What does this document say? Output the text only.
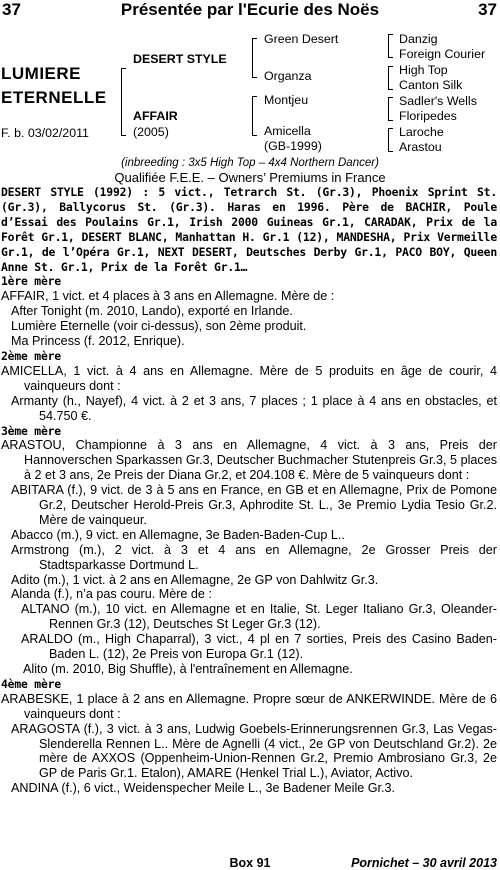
37	Présentée par l'Ecurie des Noës	37
LUMIERE
ETERNELLE
F. b. 03/02/2011
DESERT STYLE
AFFAIR
(2005)
Green Desert
Organza
Montjeu
Amicella
(GB-1999)
Danzig
Foreign Courier
High Top
Canton Silk
Sadler's Wells
Floripedes
Laroche
Arastou
(inbreeding : 3x5 High Top – 4x4 Northern Dancer)
Qualifiée F.E.E. – Owners’ Premiums in France

DESERT STYLE (1992) : 5 vict., Tetrarch St. (Gr.3), Phoenix Sprint St. (Gr.3), Ballycorus St. (Gr.3). Haras en 1996. Père de BACHIR, Poule d’Essai des Poulains Gr.1, Irish 2000 Guineas Gr.1, CARADAK, Prix de la Forêt Gr.1, DESERT BLANC, Manhattan H. Gr.1 (12), MANDESHA, Prix Vermeille Gr.1, de l’Opéra Gr.1, NEXT DESERT, Deutsches Derby Gr.1, PACO BOY, Queen Anne St. Gr.1, Prix de la Forêt Gr.1…

1ère mère

AFFAIR, 1 vict. et 4 places à 3 ans en Allemagne. Mère de :

After Tonight (m. 2010, Lando), exporté en Irlande.

Lumière Eternelle (voir ci-dessus), son 2ème produit.

Ma Princess (f. 2012, Enrique).

2ème mère

AMICELLA, 1 vict. à 4 ans en Allemagne. Mère de 5 produits en âge de courir, 4 vainqueurs dont :

Armanty (h., Nayef), 4 vict. à 2 et 3 ans, 7 places ; 1 place à 4 ans en obstacles, et 54.750 €.

3ème mère

ARASTOU, Championne à 3 ans en Allemagne, 4 vict. à 3 ans, Preis der Hannoverschen Sparkassen Gr.3, Deutscher Buchmacher Stutenpreis Gr.3, 5 places à 2 et 3 ans, 2e Preis der Diana Gr.2, et 204.108 €. Mère de 5 vainqueurs dont :

ABITARA (f.), 9 vict. de 3 à 5 ans en France, en GB et en Allemagne, Prix de Pomone Gr.2, Deutscher Herold-Preis Gr.3, Aphrodite St. L., 3e Premio Lydia Tesio Gr.2. Mère de vainqueur.

Abacco (m.), 9 vict. en Allemagne, 3e Baden-Baden-Cup L..

Armstrong (m.), 2 vict. à 3 et 4 ans en Allemagne, 2e Grosser Preis der Stadtsparkasse Dortmund L.

Adito (m.), 1 vict. à 2 ans en Allemagne, 2e GP von Dahlwitz Gr.3.

Alanda (f.), n’a pas couru. Mère de :

ALTANO (m.), 10 vict. en Allemagne et en Italie, St. Leger Italiano Gr.3, Oleander-Rennen Gr.3 (12), Deutsches St Leger Gr.3 (12).

ARALDO (m., High Chaparral), 3 vict., 4 pl en 7 sorties, Preis des Casino Baden-Baden L. (12), 2e Preis von Europa Gr.1 (12).

Alito (m. 2010, Big Shuffle), à l'entraînement en Allemagne.

4ème mère

ARABESKE, 1 place à 2 ans en Allemagne. Propre sœur de ANKERWINDE. Mère de 6 vainqueurs dont :

ARAGOSTA (f.), 3 vict. à 3 ans, Ludwig Goebels-Erinnerungsrennen Gr.3, Las Vegas-Slenderella Rennen L.. Mère de Agnelli (4 vict., 2e GP von Deutschland Gr.2). 2e mère de AXXOS (Oppenheim-Union-Rennen Gr.2, Premio Ambrosiano Gr.3, 2e GP de Paris Gr.1. Etalon), AMARE (Henkel Trial L.), Aviator, Activo.

ANDINA (f.), 6 vict., Weidenspecher Meile L., 3e Badener Meile Gr.3.

Box 91	Pornichet – 30 avril 2013
